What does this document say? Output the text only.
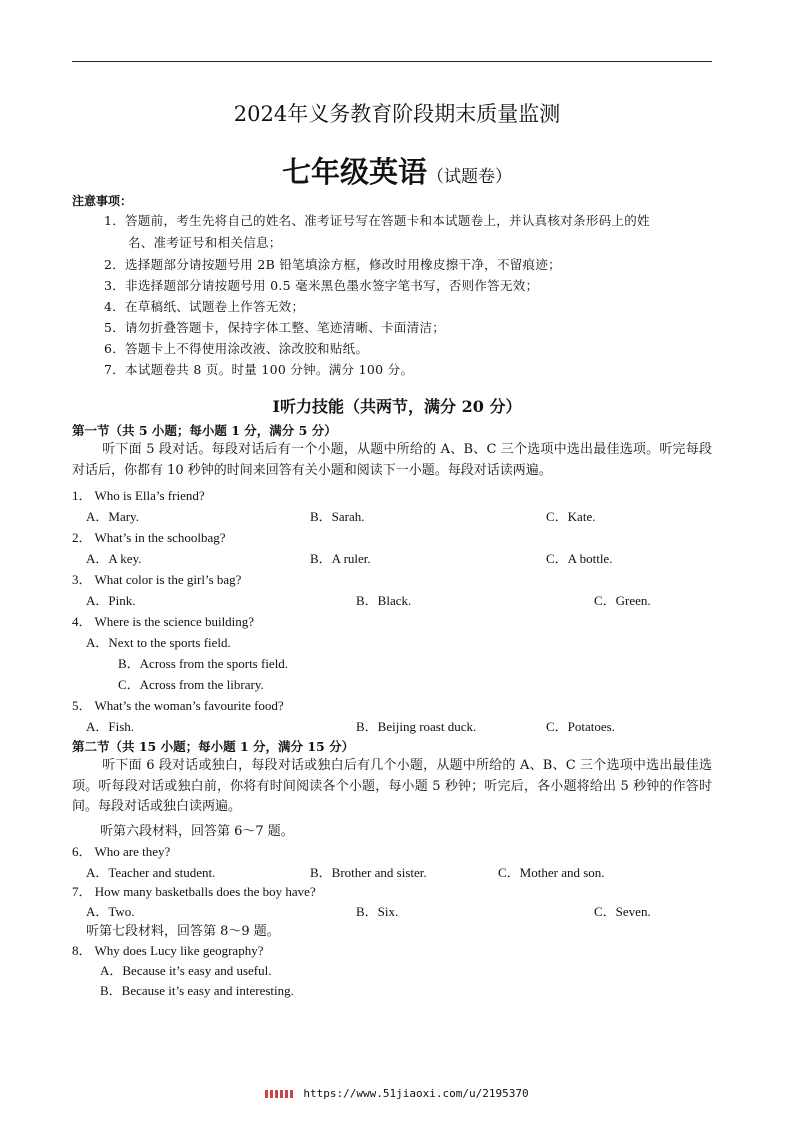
2024年义务教育阶段期末质量监测
七年级英语（试题卷）
注意事项：
1．答题前，考生先将自己的姓名、准考证号写在答题卡和本试题卷上，并认真核对条形码上的姓
名、准考证号和相关信息；
2．选择题部分请按题号用 2B 铅笔填涂方框，修改时用橡皮擦干净，不留痕迹；
3．非选择题部分请按题号用 0.5 毫米黑色墨水签字笔书写，否则作答无效；
4．在草稿纸、试题卷上作答无效；
5．请勿折叠答题卡，保持字体工整、笔迹清晰、卡面清洁；
6．答题卡上不得使用涂改液、涂改胶和贴纸。
7．本试题卷共 8 页。时量 100 分钟。满分 100 分。
Ⅰ听力技能（共两节，满分 20 分）
第一节（共 5 小题；每小题 1 分，满分 5 分）
听下面 5 段对话。每段对话后有一个小题，从题中所给的 A、B、C 三个选项中选出最佳选项。听完每段对话后，你都有 10 秒钟的时间来回答有关小题和阅读下一小题。每段对话读两遍。
1． Who is Ella’s friend?
A．Mary.	B．Sarah.	C．Kate.
2． What’s in the schoolbag?
A．A key.	B．A ruler.	C．A bottle.
3． What color is the girl’s bag?
A．Pink.	B．Black.	C．Green.
4． Where is the science building?
A．Next to the sports field.
B．Across from the sports field.
C．Across from the library.
5． What’s the woman’s favourite food?
A．Fish.	B．Beijing roast duck.	C．Potatoes.
第二节（共 15 小题；每小题 1 分，满分 15 分）
听下面 6 段对话或独白，每段对话或独白后有几个小题，从题中所给的 A、B、C 三个选项中选出最佳选项。听每段对话或独白前，你将有时间阅读各个小题，每小题 5 秒钟；听完后，各小题将给出 5 秒钟的作答时间。每段对话或独白读两遍。
听第六段材料，回答第 6～7 题。
6． Who are they?
A．Teacher and student.	B．Brother and sister.	C．Mother and son.
7． How many basketballs does the boy have?
A．Two.	B．Six.	C．Seven.
听第七段材料，回答第 8～9 题。
8． Why does Lucy like geography?
A．Because it’s easy and useful.
B．Because it’s easy and interesting.
https://www.51jiaoxi.com/u/2195370
